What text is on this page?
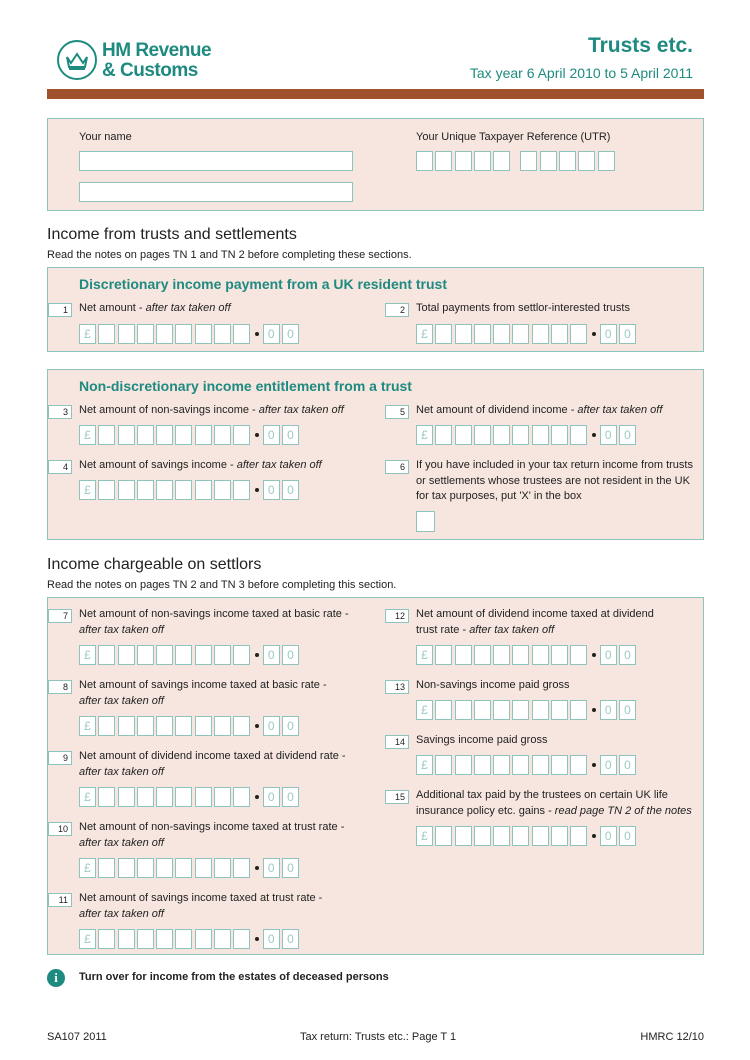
HM Revenue
& Customs
Trusts etc.
Tax year 6 April 2010 to 5 April 2011
Your name	Your Unique Taxpayer Reference (UTR)
Income from trusts and settlements
Read the notes on pages TN 1 and TN 2 before completing these sections.
Discretionary income payment from a UK resident trust
1	Net amount - after tax taken off
£	0	0
2	Total payments from settlor-interested trusts
£	0	0
Non-discretionary income entitlement from a trust
3	Net amount of non-savings income - after tax taken off
£	0	0
4	Net amount of savings income - after tax taken off
£	0	0
5	Net amount of dividend income - after tax taken off
£	0	0
6	If you have included in your tax return income from trusts
or settlements whose trustees are not resident in the UK
for tax purposes, put 'X' in the box
Income chargeable on settlors
Read the notes on pages TN 2 and TN 3 before completing this section.
7	Net amount of non-savings income taxed at basic rate -
after tax taken off
£	0	0
8	Net amount of savings income taxed at basic rate -
after tax taken off
£	0	0
9	Net amount of dividend income taxed at dividend rate -
after tax taken off
£	0	0
10	Net amount of non-savings income taxed at trust rate -
after tax taken off
£	0	0
11	Net amount of savings income taxed at trust rate -
after tax taken off
£	0	0
12	Net amount of dividend income taxed at dividend
trust rate - after tax taken off
£	0	0
13	Non-savings income paid gross
£	0	0
14	Savings income paid gross
£	0	0
15	Additional tax paid by the trustees on certain UK life
insurance policy etc. gains - read page TN 2 of the notes
£	0	0
i	Turn over for income from the estates of deceased persons
SA107 2011	Tax return: Trusts etc.: Page T 1	HMRC 12/10
